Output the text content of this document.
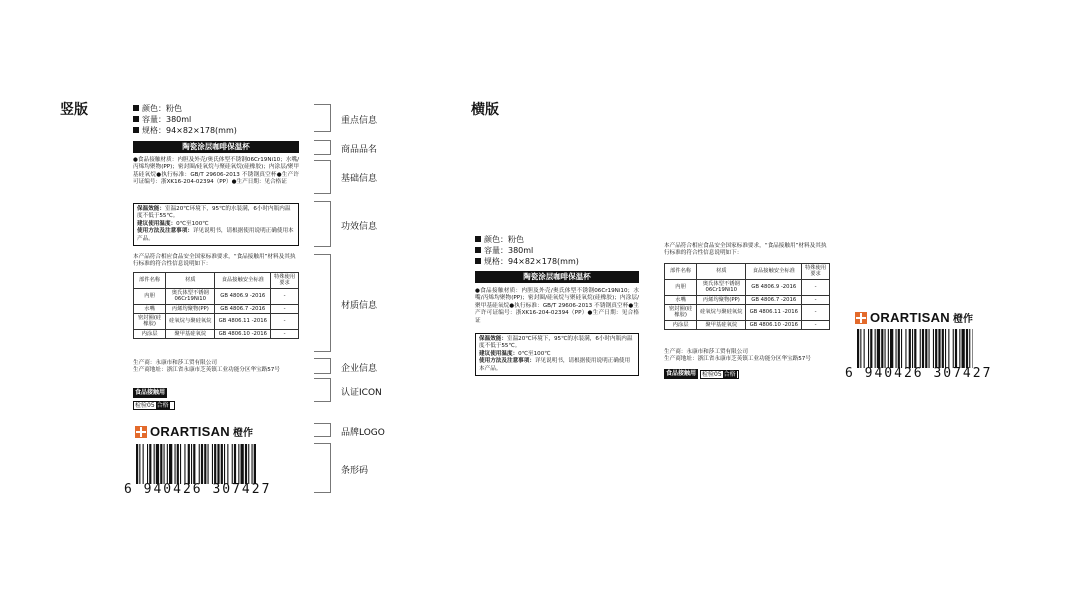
竖版	颜色：粉色
容量：380ml
规格：94×82×178(mm)
陶瓷涂层咖啡保温杯
●食品接触材质：内胆及外壳/奥氏体型不锈钢06Cr19Ni10；水嘴/丙烯均聚物(PP)；密封圈/硅氧烷与聚硅氧烷(硅橡胶)；内涂层/聚甲基硅氧烷●执行标准：GB/T 29606-2013 不锈钢真空杯●生产许可证编号：浙XK16-204-02394（PP）●生产日期：见合格证
保温效能：室温20℃环境下，95℃的水装满，6小时内瓶内温度不低于55℃。
建议使用温度：0℃至100℃
使用方法及注意事项：详见说明书，请根据使用说明正确使用本产品。
本产品符合相应食品安全国家标准要求，“食品接触用”材料及其执行标准的符合性信息说明如下：
部件名称	材质	食品接触安全标准	特殊使用要求
内胆	奥氏体型不锈钢06Cr19Ni10	GB 4806.9 -2016	-
水嘴	丙烯均聚物(PP)	GB 4806.7 -2016	-
密封圈(硅橡胶)	硅氧烷与聚硅氧烷	GB 4806.11 -2016	-
内涂层	聚甲基硅氧烷	GB 4806.10 -2016	-
生产商：永康市和莎工贸有限公司
生产商地址：浙江省永康市芝英镇工业功能分区华宝路57号
食品接触用
检验05 合格
ORARTISAN 橙作
6 940426 307427
重点信息
商品品名
基础信息
功效信息
材质信息
企业信息
认证ICON
品牌LOGO
条形码
横版
颜色：粉色
容量：380ml
规格：94×82×178(mm)
陶瓷涂层咖啡保温杯
●食品接触材质：内胆及外壳/奥氏体型不锈钢06Cr19Ni10；水嘴/丙烯均聚物(PP)；密封圈/硅氧烷与聚硅氧烷(硅橡胶)；内涂层/聚甲基硅氧烷●执行标准：GB/T 29606-2013 不锈钢真空杯●生产许可证编号：浙XK16-204-02394（PP）●生产日期：见合格证
保温效能：室温20℃环境下，95℃的水装满，6小时内瓶内温度不低于55℃。
建议使用温度：0℃至100℃
使用方法及注意事项：详见说明书，请根据使用说明正确使用本产品。
本产品符合相应食品安全国家标准要求，“食品接触用”材料及其执行标准的符合性信息说明如下：
部件名称	材质	食品接触安全标准	特殊使用要求
内胆	奥氏体型不锈钢06Cr19Ni10	GB 4806.9 -2016	-
水嘴	丙烯均聚物(PP)	GB 4806.7 -2016	-
密封圈(硅橡胶)	硅氧烷与聚硅氧烷	GB 4806.11 -2016	-
内涂层	聚甲基硅氧烷	GB 4806.10 -2016	-
生产商：永康市和莎工贸有限公司
生产商地址：浙江省永康市芝英镇工业功能分区华宝路57号
食品接触用	检验05 合格
ORARTISAN 橙作
6 940426 307427
